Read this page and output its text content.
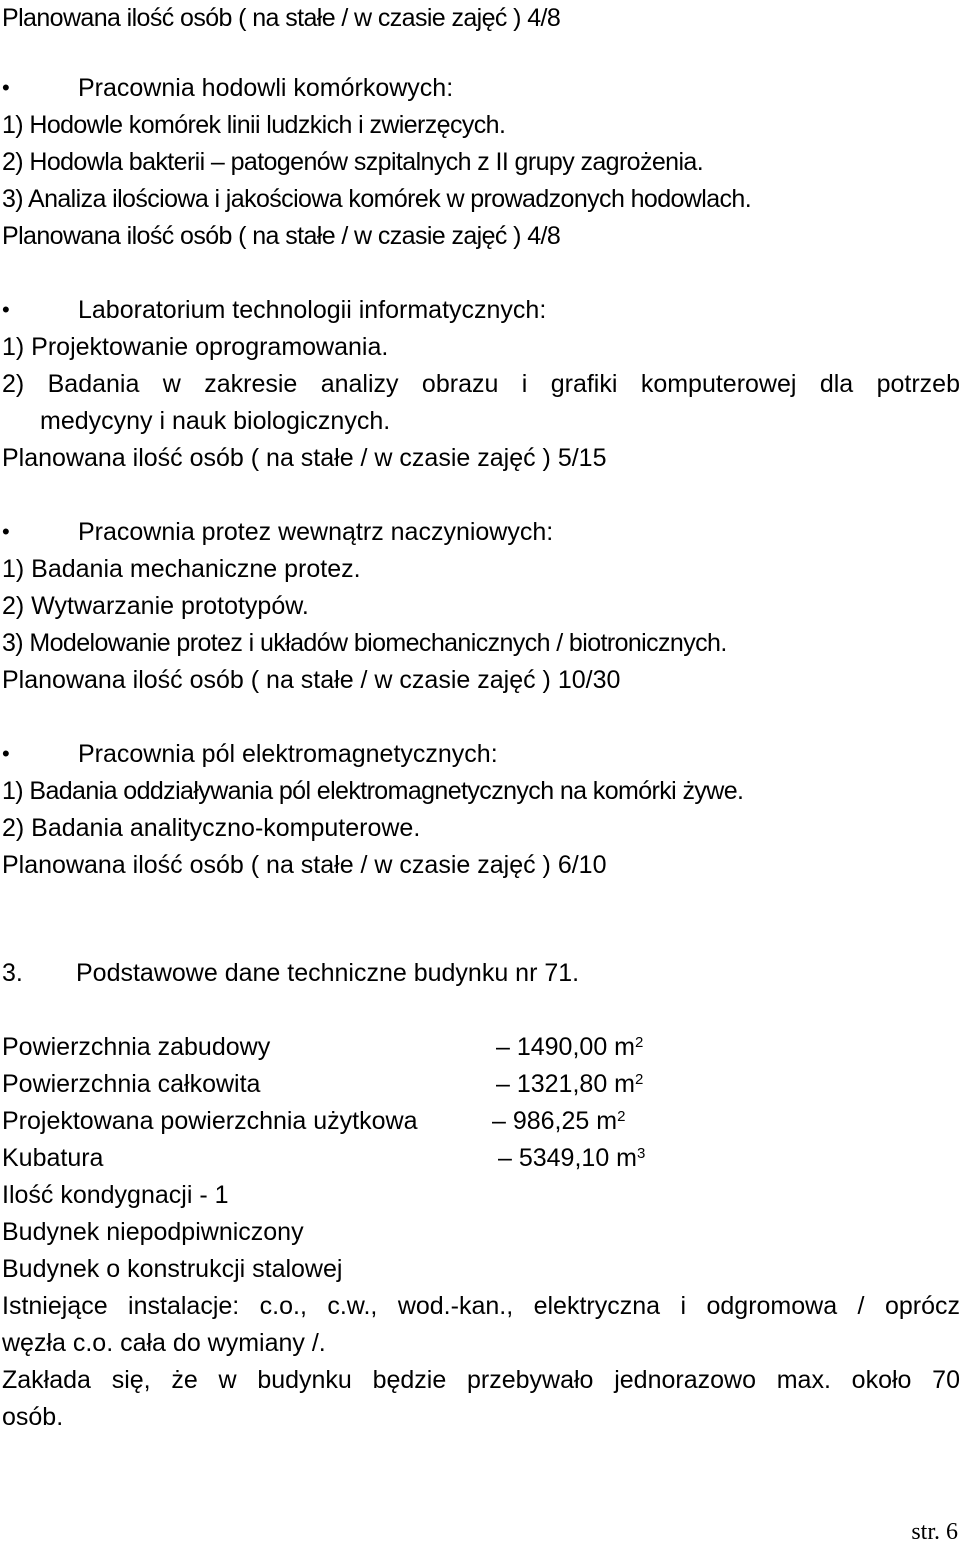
Planowana ilość osób ( na stałe / w czasie zajęć ) 4/8
•	Pracownia hodowli komórkowych:
1) Hodowle komórek linii ludzkich i zwierzęcych.
2) Hodowla bakterii – patogenów szpitalnych z II grupy zagrożenia.
3) Analiza ilościowa i jakościowa komórek w prowadzonych hodowlach.
Planowana ilość osób ( na stałe / w czasie zajęć ) 4/8
•	Laboratorium technologii informatycznych:
1) Projektowanie oprogramowania.
2) Badania w zakresie analizy obrazu i grafiki komputerowej dla potrzeb
medycyny i nauk biologicznych.
Planowana ilość osób ( na stałe / w czasie zajęć ) 5/15
•	Pracownia protez wewnątrz naczyniowych:
1) Badania mechaniczne protez.
2) Wytwarzanie prototypów.
3) Modelowanie protez i układów biomechanicznych / biotronicznych.
Planowana ilość osób ( na stałe / w czasie zajęć ) 10/30
•	Pracownia pól elektromagnetycznych:
1) Badania oddziaływania pól elektromagnetycznych na komórki żywe.
2) Badania analityczno-komputerowe.
Planowana ilość osób ( na stałe / w czasie zajęć ) 6/10
3. Podstawowe dane techniczne budynku nr 71.
Powierzchnia zabudowy	– 1490,00 $m^2$
Powierzchnia całkowita	– 1321,80 $m^2$
Projektowana powierzchnia użytkowa	– 986,25 $m^2$
Kubatura	– 5349,10 $m^3$
Ilość kondygnacji - 1
Budynek niepodpiwniczony
Budynek o konstrukcji stalowej
Istniejące instalacje: c.o., c.w., wod.-kan., elektryczna i odgromowa / oprócz
węzła c.o. cała do wymiany /.
Zakłada się, że w budynku będzie przebywało jednorazowo max. około 70
osób.
str. 6
